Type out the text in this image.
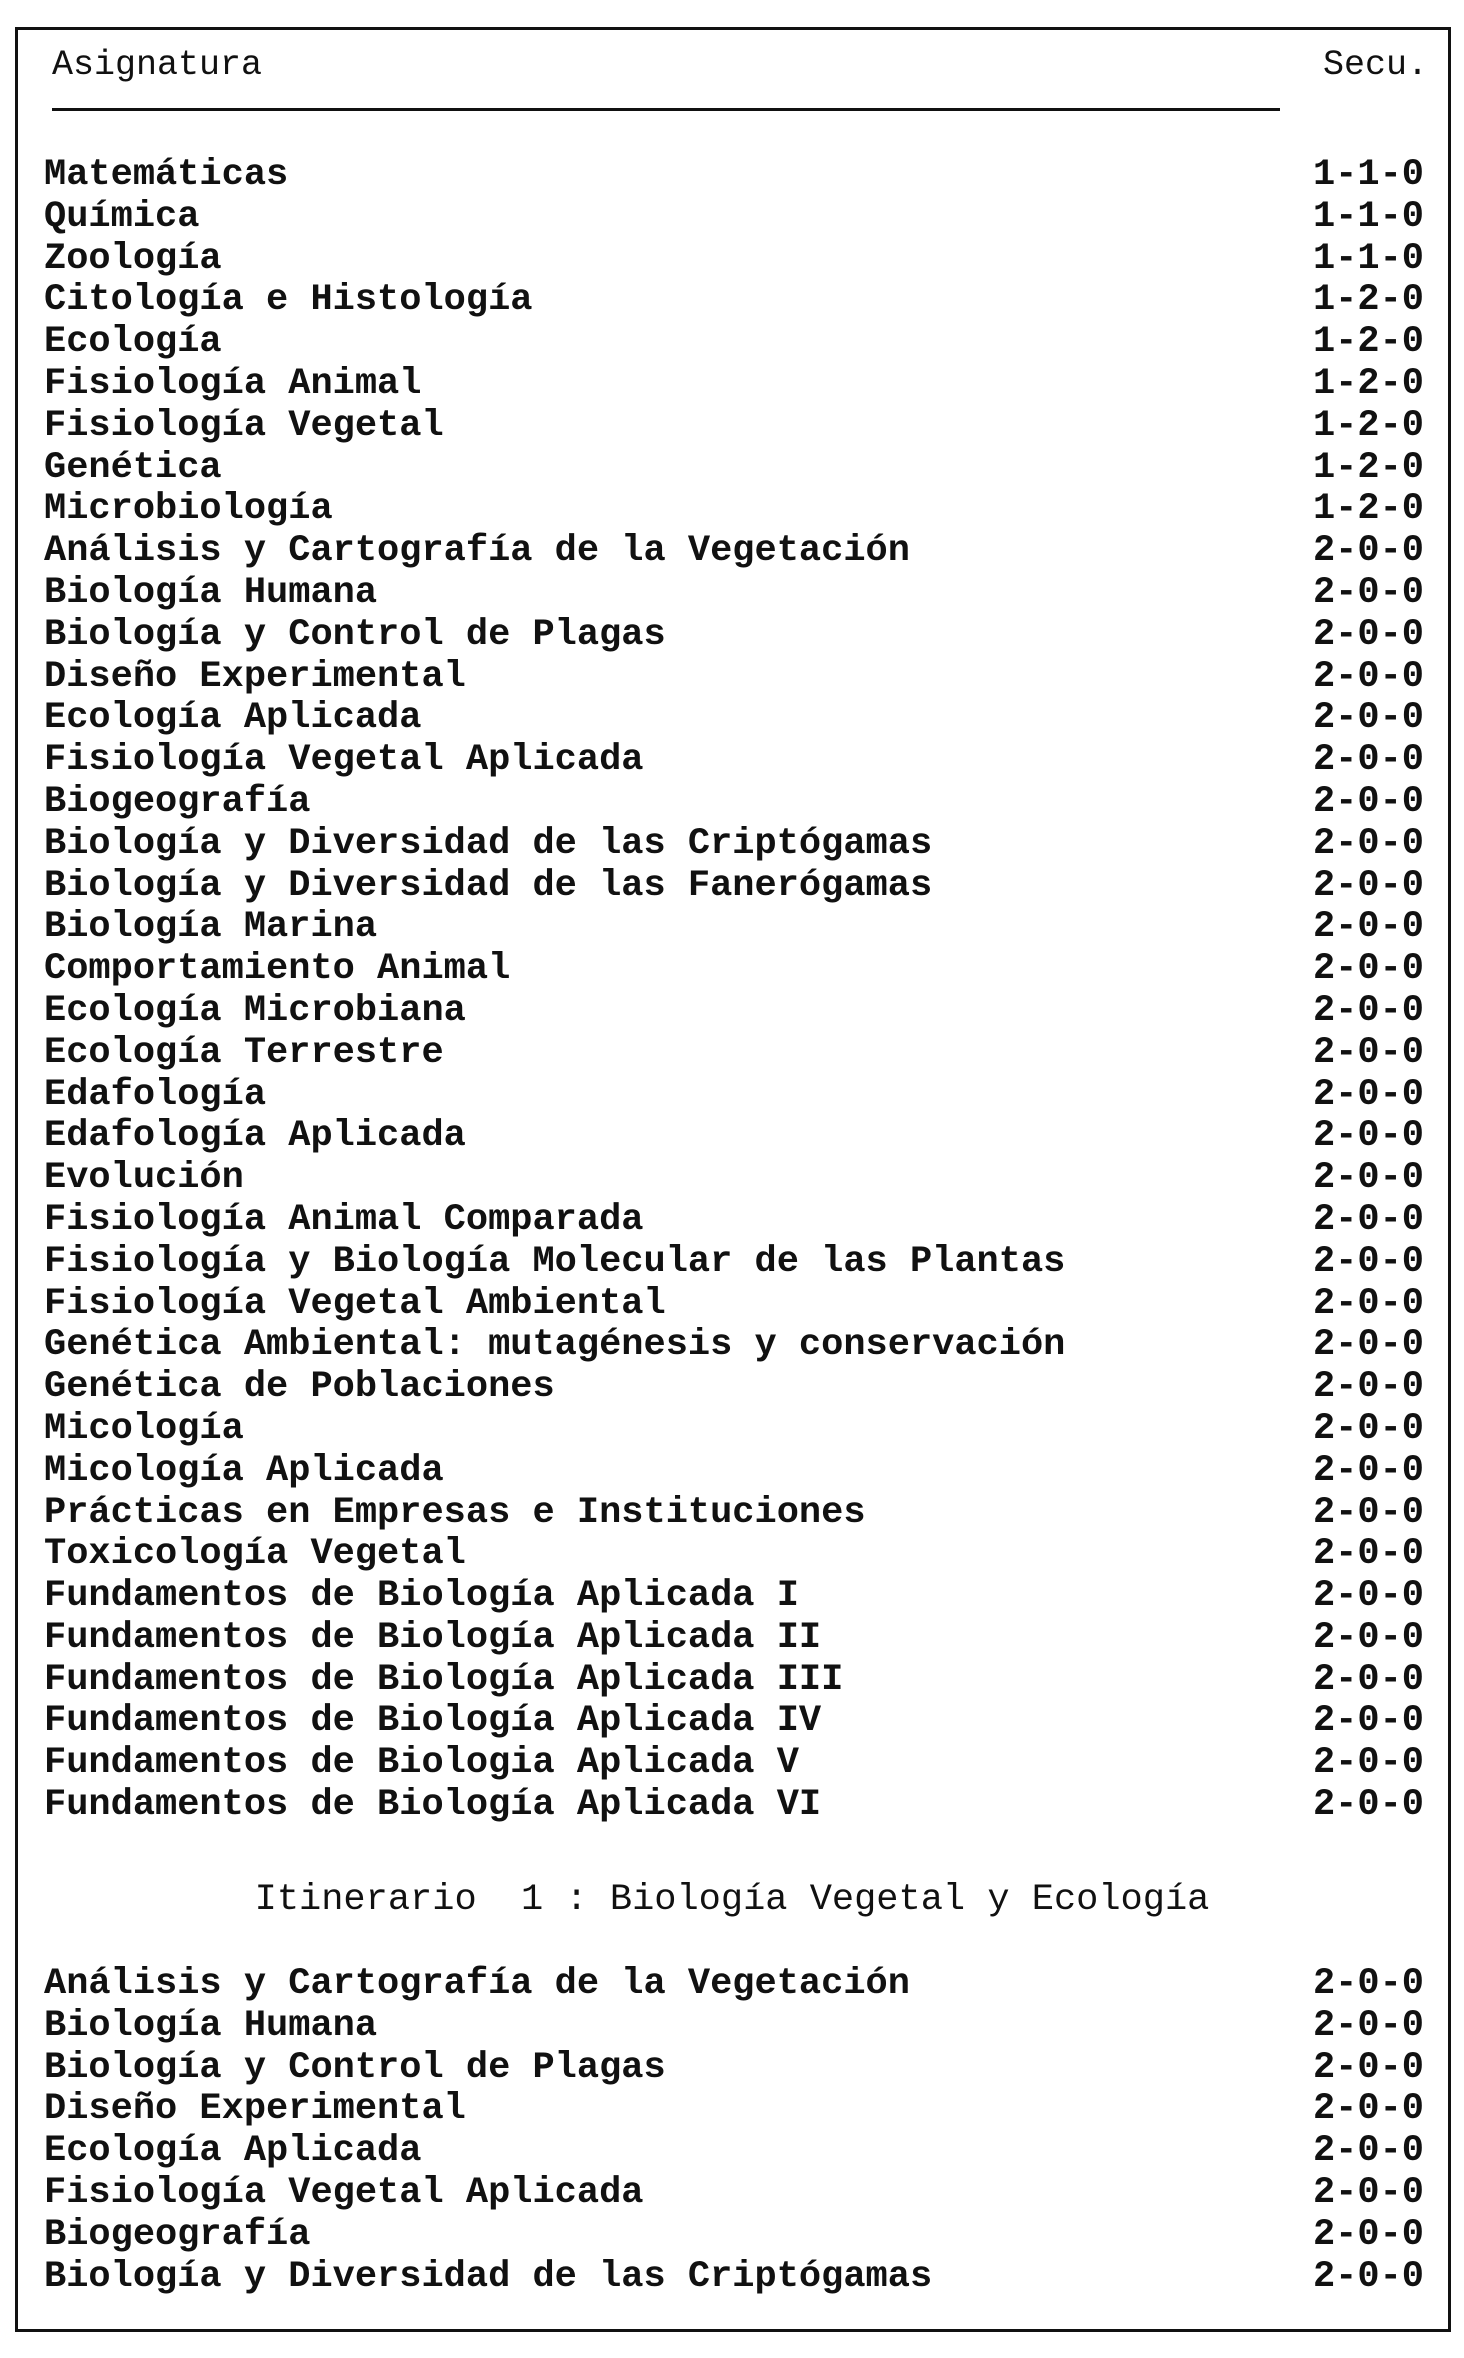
Asignatura	Secu.
Matemáticas	1-1-0
Química	1-1-0
Zoología	1-1-0
Citología e Histología	1-2-0
Ecología	1-2-0
Fisiología Animal	1-2-0
Fisiología Vegetal	1-2-0
Genética	1-2-0
Microbiología	1-2-0
Análisis y Cartografía de la Vegetación	2-0-0
Biología Humana	2-0-0
Biología y Control de Plagas	2-0-0
Diseño Experimental	2-0-0
Ecología Aplicada	2-0-0
Fisiología Vegetal Aplicada	2-0-0
Biogeografía	2-0-0
Biología y Diversidad de las Criptógamas	2-0-0
Biología y Diversidad de las Fanerógamas	2-0-0
Biología Marina	2-0-0
Comportamiento Animal	2-0-0
Ecología Microbiana	2-0-0
Ecología Terrestre	2-0-0
Edafología	2-0-0
Edafología Aplicada	2-0-0
Evolución	2-0-0
Fisiología Animal Comparada	2-0-0
Fisiología y Biología Molecular de las Plantas	2-0-0
Fisiología Vegetal Ambiental	2-0-0
Genética Ambiental: mutagénesis y conservación	2-0-0
Genética de Poblaciones	2-0-0
Micología	2-0-0
Micología Aplicada	2-0-0
Prácticas en Empresas e Instituciones	2-0-0
Toxicología Vegetal	2-0-0
Fundamentos de Biología Aplicada I	2-0-0
Fundamentos de Biología Aplicada II	2-0-0
Fundamentos de Biología Aplicada III	2-0-0
Fundamentos de Biología Aplicada IV	2-0-0
Fundamentos de Biologia Aplicada V	2-0-0
Fundamentos de Biología Aplicada VI	2-0-0
Itinerario  1 : Biología Vegetal y Ecología
Análisis y Cartografía de la Vegetación	2-0-0
Biología Humana	2-0-0
Biología y Control de Plagas	2-0-0
Diseño Experimental	2-0-0
Ecología Aplicada	2-0-0
Fisiología Vegetal Aplicada	2-0-0
Biogeografía	2-0-0
Biología y Diversidad de las Criptógamas	2-0-0
